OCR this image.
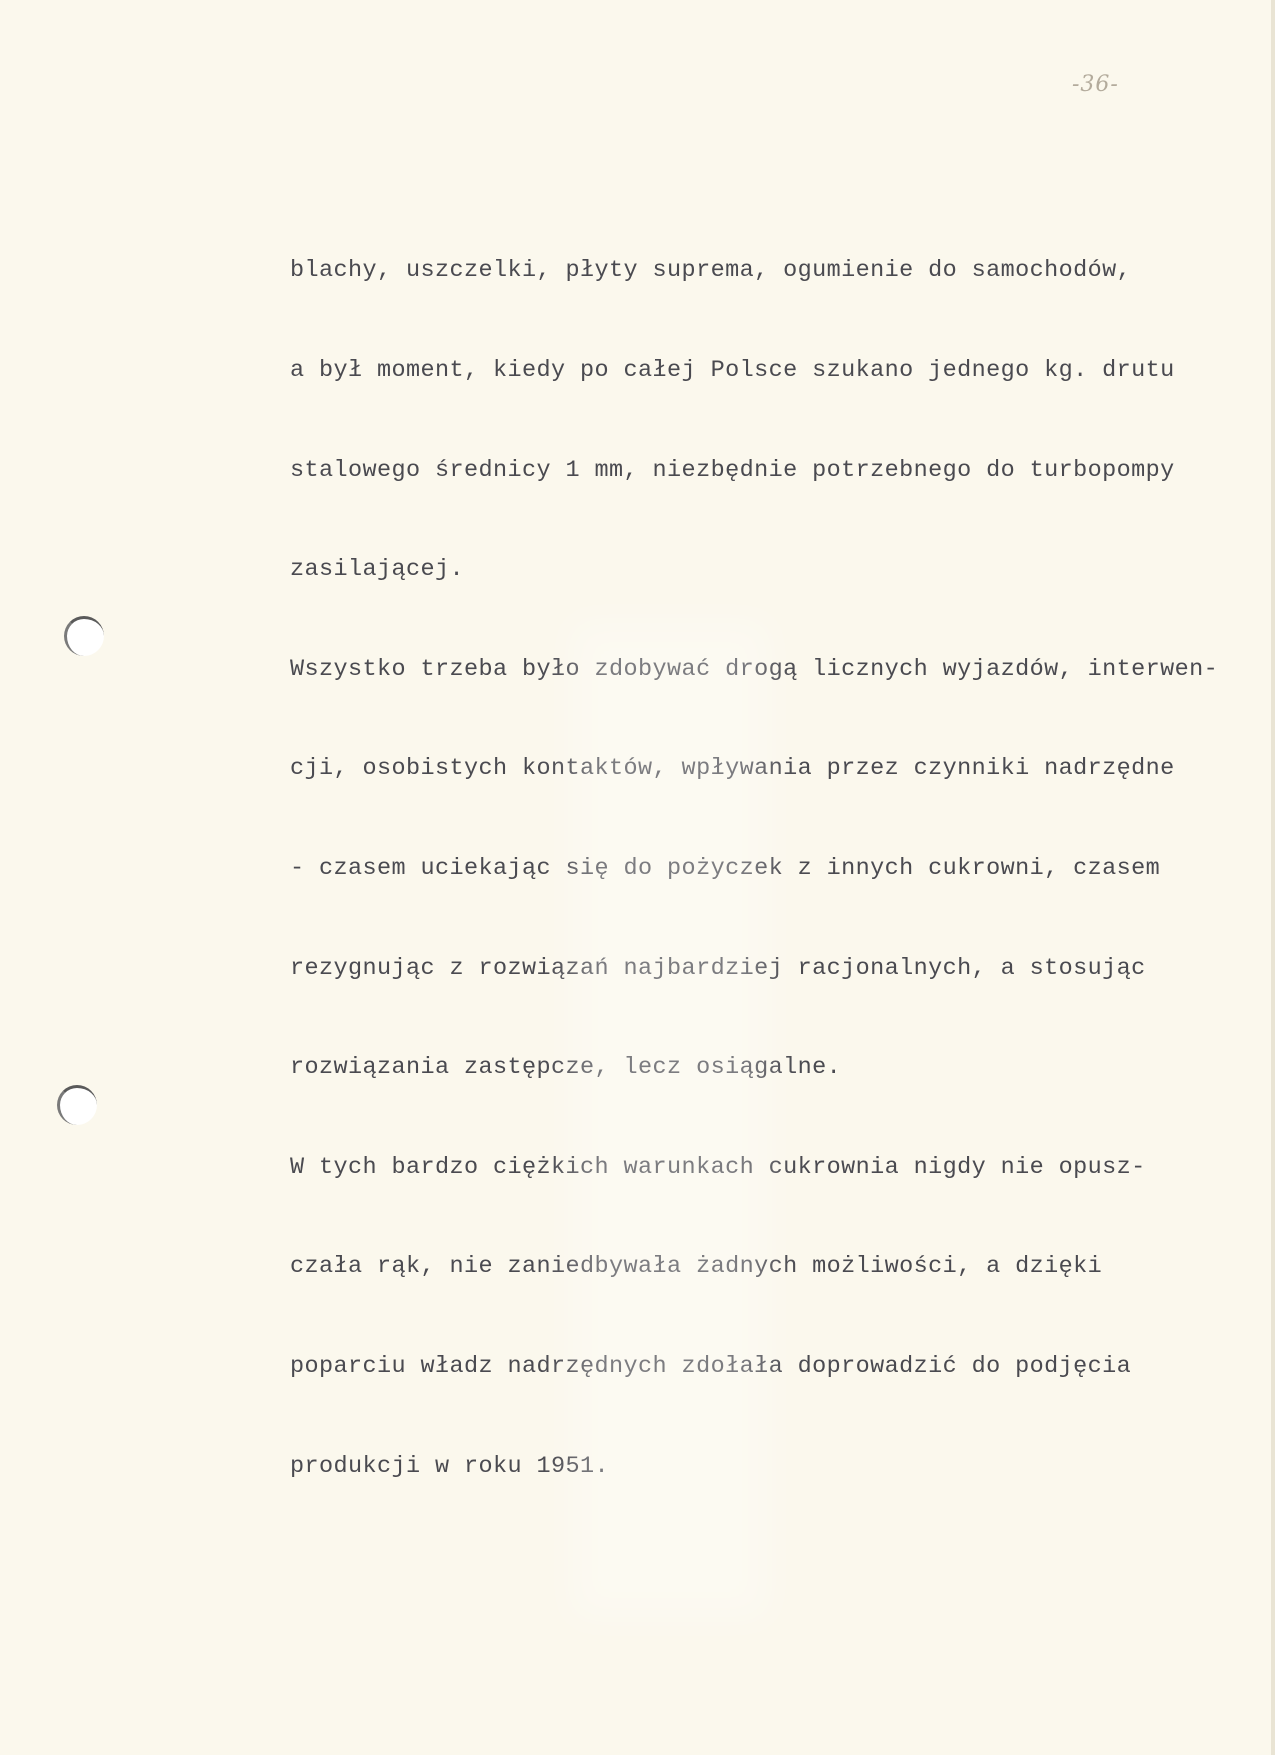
-36-

blachy, uszczelki, płyty suprema, ogumienie do samochodów,

a był moment, kiedy po całej Polsce szukano jednego kg. drutu

stalowego średnicy 1 mm, niezbędnie potrzebnego do turbopompy

zasilającej.

Wszystko trzeba było zdobywać drogą licznych wyjazdów, interwen-

cji, osobistych kontaktów, wpływania przez czynniki nadrzędne

- czasem uciekając się do pożyczek z innych cukrowni, czasem

rezygnując z rozwiązań najbardziej racjonalnych, a stosując

rozwiązania zastępcze, lecz osiągalne.

W tych bardzo ciężkich warunkach cukrownia nigdy nie opusz-

czała rąk, nie zaniedbywała żadnych możliwości, a dzięki

poparciu władz nadrzędnych zdołała doprowadzić do podjęcia

produkcji w roku 1951.
